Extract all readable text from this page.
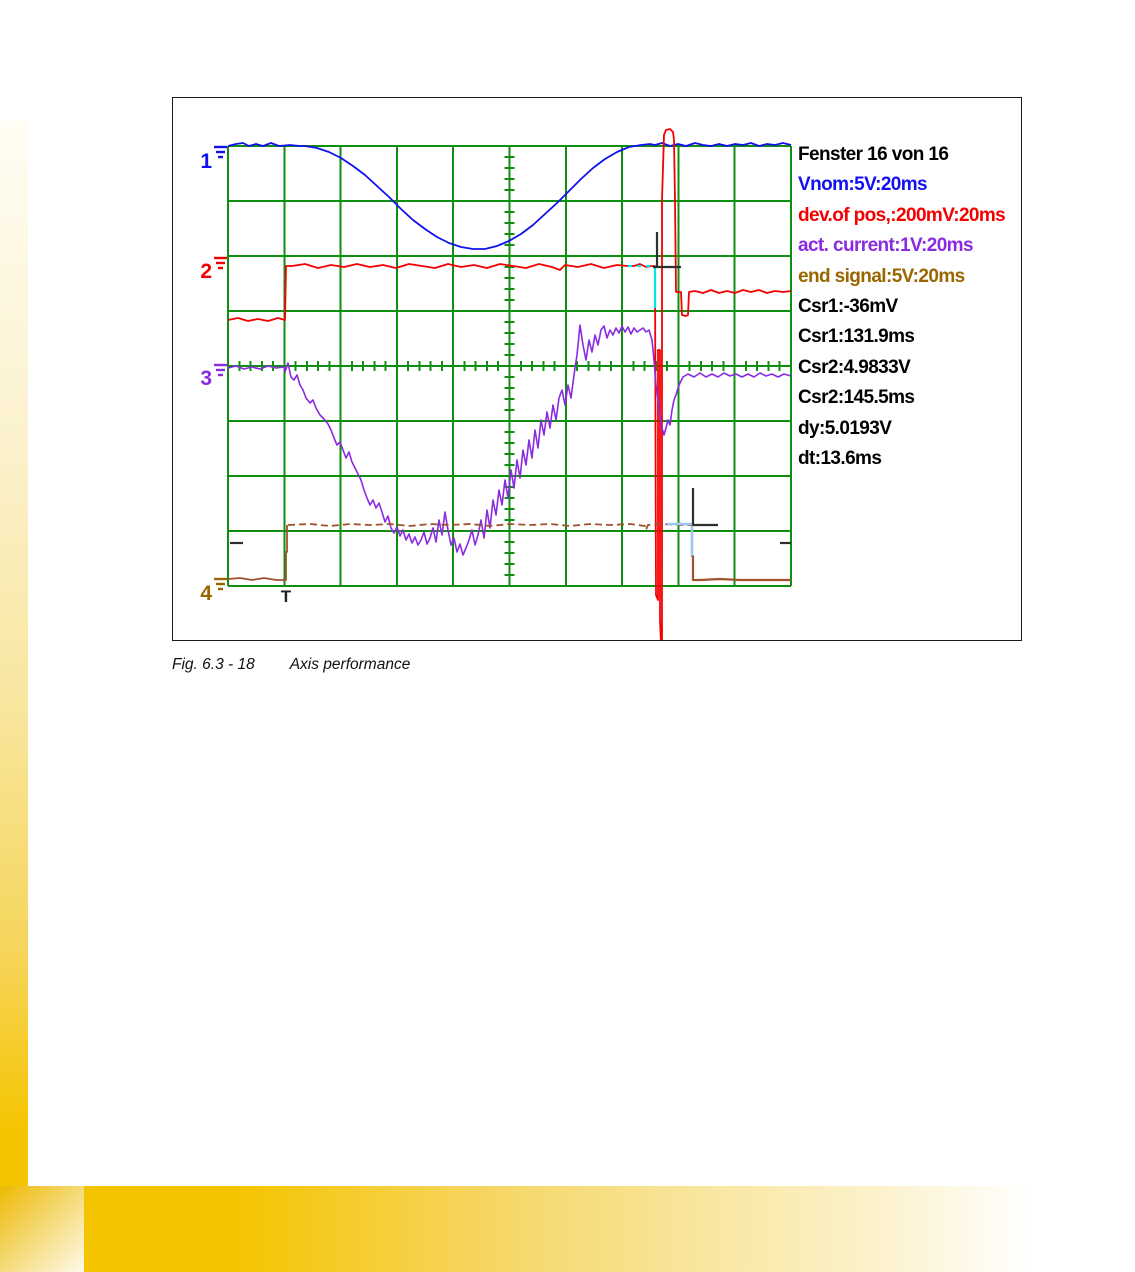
1
2
3
4	T
Fenster 16 von 16
Vnom:5V:20ms
dev.of pos,:200mV:20ms
act. current:1V:20ms
end signal:5V:20ms
Csr1:-36mV
Csr1:131.9ms
Csr2:4.9833V
Csr2:145.5ms
dy:5.0193V
dt:13.6ms
Fig. 6.3 - 18 Axis performance
